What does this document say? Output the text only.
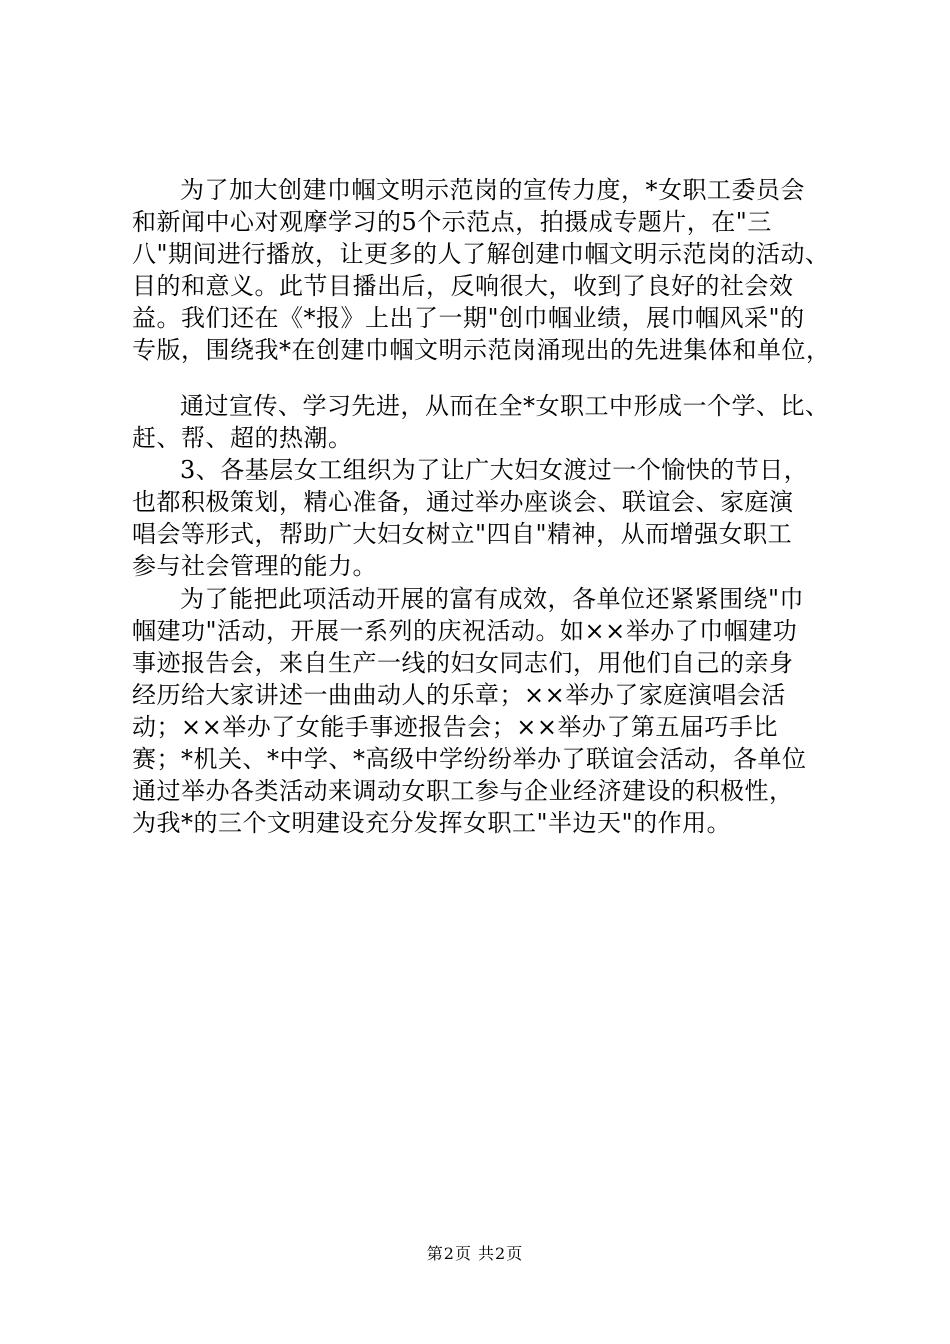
为了加大创建巾帼文明示范岗的宣传力度，*女职工委员会
和新闻中心对观摩学习的5个示范点，拍摄成专题片，在"三
八"期间进行播放，让更多的人了解创建巾帼文明示范岗的活动、
目的和意义。此节目播出后，反响很大，收到了良好的社会效
益。我们还在《*报》上出了一期"创巾帼业绩，展巾帼风采"的
专版，围绕我*在创建巾帼文明示范岗涌现出的先进集体和单位，
通过宣传、学习先进，从而在全*女职工中形成一个学、比、
赶、帮、超的热潮。
3、各基层女工组织为了让广大妇女渡过一个愉快的节日，
也都积极策划，精心准备，通过举办座谈会、联谊会、家庭演
唱会等形式，帮助广大妇女树立"四自"精神，从而增强女职工
参与社会管理的能力。
为了能把此项活动开展的富有成效，各单位还紧紧围绕"巾
帼建功"活动，开展一系列的庆祝活动。如××举办了巾帼建功
事迹报告会，来自生产一线的妇女同志们，用他们自己的亲身
经历给大家讲述一曲曲动人的乐章；××举办了家庭演唱会活
动；××举办了女能手事迹报告会；××举办了第五届巧手比
赛；*机关、*中学、*高级中学纷纷举办了联谊会活动，各单位
通过举办各类活动来调动女职工参与企业经济建设的积极性，
为我*的三个文明建设充分发挥女职工"半边天"的作用。
第2页 共2页
